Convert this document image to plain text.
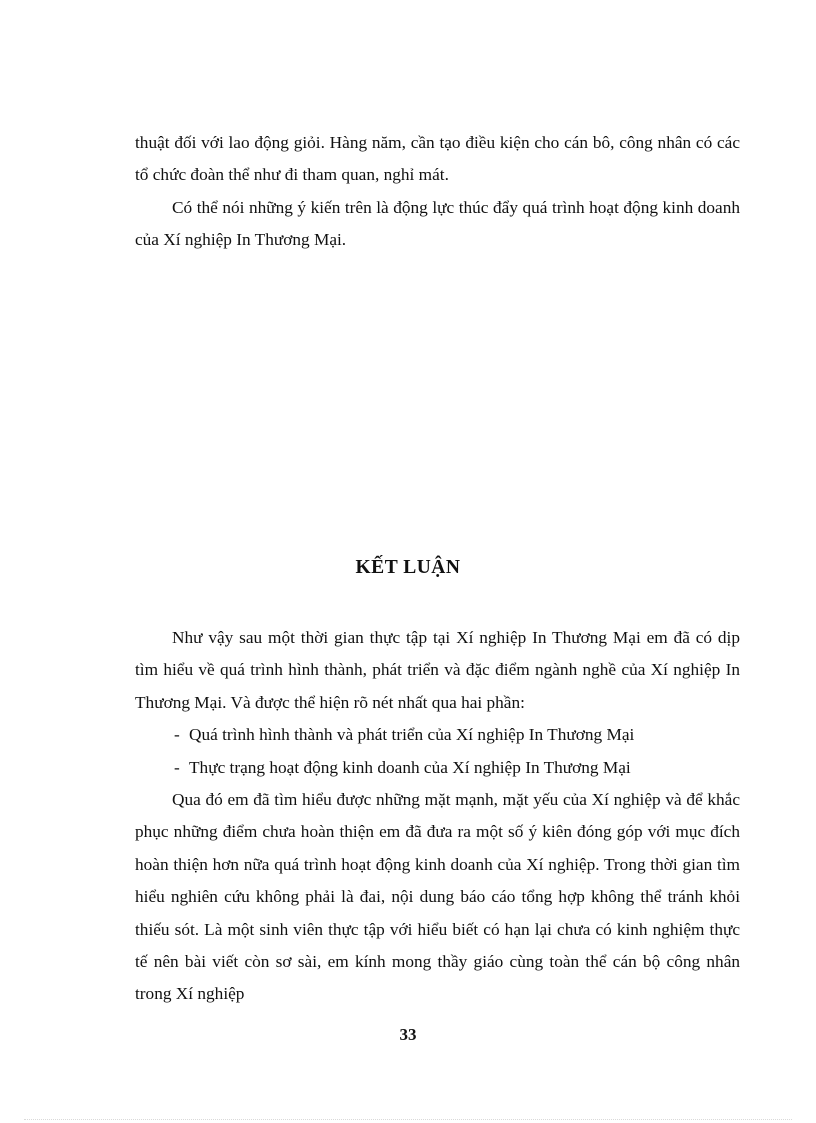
thuật đối với lao động giỏi. Hàng năm, cần tạo điều kiện cho cán bô, công nhân có các tổ chức đoàn thể như đi tham quan, nghỉ mát.

Có thể nói những ý kiến trên là động lực thúc đẩy quá trình hoạt động kinh doanh của Xí nghiệp In Thương Mại.

KẾT LUẬN

Như vậy sau một thời gian thực tập tại Xí nghiệp In Thương Mại em đã có dịp tìm hiểu về quá trình hình thành, phát triển và đặc điểm ngành nghề của Xí nghiệp In Thương Mại. Và được thể hiện rõ nét nhất qua hai phần:

- Quá trình hình thành và phát triển của Xí nghiệp In Thương Mại

- Thực trạng hoạt động kinh doanh của Xí nghiệp In Thương Mại

Qua đó em đã tìm hiểu được những mặt mạnh, mặt yếu của Xí nghiệp và để khắc phục những điểm chưa hoàn thiện em đã đưa ra một số ý kiên đóng góp với mục đích hoàn thiện hơn nữa quá trình hoạt động kinh doanh của Xí nghiệp. Trong thời gian tìm hiểu nghiên cứu không phải là đai, nội dung báo cáo tổng hợp không thể tránh khỏi thiếu sót. Là một sinh viên thực tập với hiểu biết có hạn lại chưa có kinh nghiệm thực tế nên bài viết còn sơ sài, em kính mong thầy giáo cùng toàn thể cán bộ công nhân trong Xí nghiệp

33
